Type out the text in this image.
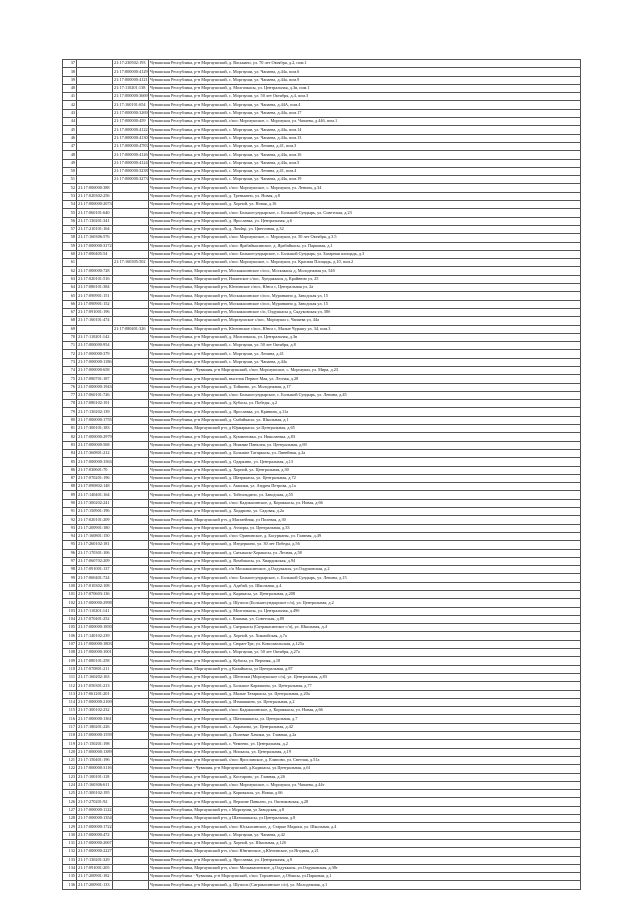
37		21:17:230502:193	Чувашская Республика, р-н Моргаушский, д. Васькино, ул. 70 лет Октября, д.2, пом.1
38		21:17:000000:4129	Чувашская Республика, р-н Моргаушский, с. Моргауши, ул. Чапаева, д.44а, пом.6
39		21:17:000000:4121	Чувашская Республика, р-н Моргаушский, с. Моргауши, ул. Чапаева, д.44а, пом.9
40		21:17:110201:138	Чувашская Республика, р-н Моргаушский, д. Молгачкасы, ул. Центральная, д.3в, пом.1
41		21:17:000000:3669	Чувашская Республика, р-н Моргаушский, с. Моргауши, ул. 50 лет Октября, д.4, пом.3
42		21:17:160101:654	Чувашская Республика, р-н Моргаушский, с. Моргауши, ул. Чапаева, д.44А, пом.4
43		21:17:000000:3269	Чувашская Республика, р-н Моргаушский, с. Моргауши, ул. Чапаева, д.44а, пом.17
44		21:17:000000:459	Чувашская Республика, р-н Моргаушский, с/пос Моргаушское, с. Моргауши, ул. Чапаева, д.44б, пом.1
45		21:17:000000:4122	Чувашская Республика, р-н Моргаушский, с. Моргауши, ул. Чапаева, д.44а, пом.14
46		21:17:000000:4130	Чувашская Республика, р-н Моргаушский, с. Моргауши, ул. Чапаева, д.44а, пом.13
47		21:17:000000:4783	Чувашская Республика, р-н Моргаушский, с. Моргауши, ул. Ленина, д.41, пом.3
48		21:17:000000:4126	Чувашская Республика, р-н Моргаушский, с. Моргауши, ул. Чапаева, д.44а, пом.16
49		21:17:000000:4124	Чувашская Республика, р-н Моргаушский, с. Моргауши, ул. Чапаева, д.44а, пом.5
50		21:17:000000:3238	Чувашская Республика, р-н Моргаушский, с. Моргауши, ул. Ленина, д.41, пом.4
51		21:17:000000:3273	Чувашская Республика, р-н Моргаушский, с. Моргауши, ул. Чапаева, д.44а, пом.19
52	21:17:000000:388		Чувашская Республика, р-н Моргаушский, с/пос Моргаушское, с. Моргауши, ул. Ленина, д.34
53	21:17:020302:256		Чувашская Республика, р-н Моргаушский, д. Тренькино, ул. Новая, д.8
54	21:17:000000:2073		Чувашская Республика, р-н Моргаушский, д. Хорной, ул. Новая, д.16
55	21:17:060101:640		Чувашская Республика, р-н Моргаушский, с/пос Большесундырское, с. Большой Сундырь, ул. Советская, д.23
56	21:17:130201:341		Чувашская Республика, р-н Моргаушский, д. Ярославка, ул. Центральная, д.6
57	21:17:210101:164		Чувашская Республика, р-н Моргаушский, д. Лındaşi, ул. Цветочная, д.32
58	21:17:160306:576		Чувашская Республика, р-н Моргаушский, с/пос Моргаушское, с. Моргауши, ул. 50 лет Октября, д.3.5
59	21:17:000000:3172		Чувашская Республика, р-н Моргаушский, с/пос Ярабайкасинское, д. Ярабайкасы, ул. Парковая, д.1
60	21:17:000405:54		Чувашская Республика, р-н Моргаушский, с/пос Большесундырское, с. Большой Сундырь, ул. Базарная площадь, д.3
61		21:17:160305:502	Чувашская Республика, р-н Моргаушский, с/пос Моргаушское, с. Моргауши, ул. Красная Площадь, д.10, пом.2
62	21:17:000000:728		Чувашская Республика, Моргаушский р-н, Москакасинское с/пос, Москакасы д, Молодежная ул, 54б
63	21:17:020101:516		Чувашская Республика, Моргаушский р-н, Ильинское с/пос, Хундаккасы д, Крайнюю ул, 25
64	21:17:080101:384		Чувашская Республика, Моргаушский р-н, Юнгинское с/пос, Юнга с, Центральная ул, 2а
65	21:17:090901:151		Чувашская Республика, Моргаушский р-н, Москакасинское с/пос, Муранкино д, Заводская ул, 15
66	21:17:090901:152		Чувашская Республика, Моргаушский р-н, Москакасинское с/пос, Муранкино д, Заводская ул, 15
67	21:17:091001:196		Чувашская Республика, Моргаушский р-н, Москакасинское с/п, Олдуккасы д, Сядуковская ул, 38б
68	21:17:160101:474		Чувашская Республика, Моргаушский р-н, Моргаушское с/пос, Моргауши с, Чапаева ул, 44а
69		21:17:080401:326	Чувашская Республика, Моргаушский р-н, Юнгинское с/пос, Юнга с, Малые Чурашу ул, 34, пом.3
70	21:17:110201:142		Чувашская Республика, р-н Моргаушский, д. Молгачкасы, ул. Центральная, д.3в
71	21:17:000000:954		Чувашская Республика, р-н Моргаушский, с. Моргауши, ул. 50 лет Октября, д.8
72	21:17:000000:379		Чувашская Республика, р-н Моргаушский, с. Моргауши, ул. Ленина, д.41
73	21:17:000000:1186		Чувашская Республика, р-н Моргаушский, с. Моргауши, ул. Чапаева, д.44а
74	21:17:000000:658		Чувашская Республика - Чувашия, р-н Моргаушский, с/пос Моргаушское, с. Моргауши, ул. Мира, д.23
75	21:17:080701:187		Чувашская Республика, р-н Моргаушский, выселок Первое Мая, ул. Лесная, д.28
76	21:17:000000:1943		Чувашская Республика, р-н Моргаушский, д. Тойшево, ул. Молодежная, д.17
77	21:17:060101:726		Чувашская Республика, р-н Моргаушский, с/пос Большесундырское, с. Большой Сундырь, ул. Ленина, д.45
78	21:17:080102:191		Чувашская Республика, р-н Моргаушский, д. Кубасы, ул. Победы, д.2
79	21:17:130202:139		Чувашская Республика, р-н Моргаушский, д. Ярославка, ул. Кривина, д.11а
80	21:17:000000:1755		Чувашская Республика, р-н Моргаушский, д. Сыбайкасы, ул. Школьная, д.1
81	21:17:300101:183		Чувашская Республика, Моргаушский р-н, д Юрмаркасы, ул Центральная, д.65
82	21:17:000000:2979		Чувашская Республика, р-н Моргаушский, д. Кумменовка, ул. Николаевка, д.83
83	21:17:000000:568		Чувашская Республика, р-н Моргаушский, д. Нижние Панклеи, ул. Центральная, д.69
84	21:17:360801:212		Чувашская Республика, р-н Моргаушский, д. Большие Татаркасы, ул. Линейная, д.2а
85	21:17:000000:1563		Чувашская Республика, р-н Моргаушский, д. Одаркино, ул. Центральная, д.13
86	21:17:030601:70		Чувашская Республика, р-н Моргаушский, д. Хорной, ул. Центральная, д.30
87	21:17:070201:196		Чувашская Республика, р-н Моргаушский, д. Шатракасы, ул. Центральная, д.72
88	21:17:090802:148		Чувашская Республика, р-н Моргаушский, с. Акшики, ул. Андрея Петрова, д.1а
89	21:17:140401:164		Чувашская Республика, р-н Моргаушский, с. Тойгильдино, ул. Заводская, д.55
90	21:17:300202:241		Чувашская Республика, р-н Моргаушский, с/пос Кадикасинское, д. Кориккасы, ул. Новая, д.66
91	21:17:150901:196		Чувашская Республика, р-н Моргаушский, д. Ходарино, ул. Садовая, д.2а
92	21:17:020101:209		Чувашская Республика, Моргаушский р-н, д Магазейная, ул Полевая, д.30
93	21:17:200901:180		Чувашская Республика, р-н Моргаушский, д. Аччоры, ул. Центральная, д.33
94	21:17:160801:150		Чувашская Республика, р-н Моргаушский, с/пос Орининское, д. Басурманы, ул. Главная, д.49
95	21:17:260102:181		Чувашская Республика, р-н Моргаушский, д. Изедеркино, ул. 30 лет Победы, д.56
96	21:17:170301:106		Чувашская Республика, р-н Моргаушский, д. Сятыкасы-Хоракасы, ул. Лесная, д.58
97	21:17:060702:209		Чувашская Республика, р-н Моргаушский, д. Вомбакасы, ул. Хвардикская, д.94
98	21:17:091001:137		Чувашская Республика, р-н Моргаушский, с/п Москакасинское, д.Олдуккасы, ул.Олдуковская, д.2
99	21:17:060401:724		Чувашская Республика, р-н Моргаушский, с/пос Большесундырское, с. Большой Сундырь, ул. Ленина, д.15
100	21:17:010302:108		Чувашская Республика, р-н Моргаушский, д. Адабай, ул. Школьная, д.4
101	21:17:070603:136		Чувашская Республика, р-н Моргаушский, д. Кадикасы, ул. Центральная, д.208
102	21:17:000000:2998		Чувашская Республика, р-н Моргаушский, д. Шупоси (Большесундырское с/п), ул. Центральная, д.2
103	21:17:110201:141		Чувашская Республика, р-н Моргаушский, д. Молгачкасы, ул. Центральная, д.49б
104	21:17:070401:252		Чувашская Республика, р-н Моргаушский, с. Кашаки, ул. Советская, д.89
105	21:17:000000:1850		Чувашская Республика, р-н Моргаушский, д. Сятракасы (Сятракасинское с/п), ул. Школьная, д.4
106	21:17:140102:239		Чувашская Республика, р-н Моргаушский, д. Хорной, ул. Хоямойская, д.7а
107	21:17:000000:1803		Чувашская Республика, р-н Моргаушский, д. Сюран-Тре, ул. Комсомольская, д.125а
108	21:17:000000:1001		Чувашская Республика, р-н Моргаушский, с. Моргауши, ул. 50 лет Октября, д.27а
109	21:17:080101:258		Чувашская Республика, р-н Моргаушский, д. Кубасы, ул. Верхняя, д.18
110	21:17:070801:211		Чувашская Республика, Моргаушский р-н, д Калайкасы, ул Центральная, д.87
111	21:17:160202:163		Чувашская Республика, р-н Моргаушский, д. Шептаки (Моргаушское с/п), ул. Центральная, д.83
112	21:17:050301:213		Чувашская Республика, р-н Моргаушский, д. Большое Карачкино, ул. Центральная, д.77
113	21:17:061201:201		Чувашская Республика, р-н Моргаушский, д. Малые Татаркасы, ул. Центральная, д.20а
114	21:17:000000:2169		Чувашская Республика, р-н Моргаушский, д. Итмашкино, ул. Центральная, д.2
115	21:17:300102:232		Чувашская Республика, р-н Моргаушский, с/пос Кадикасинское, д. Кориккасы, ул. Новая, д.66
116	21:17:000000:1361		Чувашская Республика, р-н Моргаушский, д. Шатмашкасы, ул. Центральная, д.7
117	21:17:180201:226		Чувашская Республика, р-н Моргаушский, с. Акрамово, ул. Центральная, д.42
118	21:17:000000:1559		Чувашская Республика, р-н Моргаушский, д. Полевые Хачики, ул. Главная, д.2а
119	21:17:150201:198		Чувашская Республика, р-н Моргаушский, с. Чемеево, ул. Центральная, д.2
120	21:17:000000:1389		Чувашская Республика, р-н Моргаушский, д. Нискасы, ул. Центральная, д.19
121	21:17:150401:196		Чувашская Республика, р-н Моргаушский, с/пос Ярославское, д. Елипово, ул. Светлая, д.51а
122	21:17:000000:3116		Чувашская Республика - Чувашия, р-н Моргаушский, д.Кадикасы, ул.Центральная, д.61
123	21:17:100101:118		Чувашская Республика, р-н Моргаушский, д. Костарово, ул. Главная, д.26
124	21:17:160306:611		Чувашская Республика, р-н Моргаушский, с/пос Моргаушское, с. Моргауши, ул. Чапаева, д.44т
125	21:17:300102:195		Чувашская Республика, р-н Моргаушский, д. Кориккасы, ул. Новая, д.66
126	21:17:270201:92		Чувашская Республика, р-н Моргаушский, д. Верхние Панклеи, ул. Оштиковская, д.28
127	21:17:000000:1122		Чувашская Республика, Моргаушский р-н, с Моргауши, ул Заводская, д.8
128	21:17:000000:1354		Чувашская Республика, Моргаушский р-н, д Шатмашкасы, ул Центральная, д.8
129	21:17:000000:1722		Чувашская Республика, р-н Моргаушский, с/пос Юськасинское, д. Старые Мадики, ул. Школьная, д.4
130	21:17:000000:472		Чувашская Республика, р-н Моргаушский, с. Моргауши, ул. Чапаева, д.42
131	21:17:000000:2067		Чувашская Республика, р-н Моргаушский, д. Хорной, ул. Школьная, д.12б
132	21:17:000000:2227		Чувашская Республика, Моргаушский р-н, с/пос Юнгинское, д.Юнгинское, ул.Ягодная, д.21
133	21:17:130201:329		Чувашская Республика, р-н Моргаушский, д. Ярославка, ул. Центральная, д.9
134	21:17:091001:205		Чувашская Республика, Моргаушский р-н, с/пос Москакасинское, д.Олдуккасы, ул.Олдуковская, д.38г
135	21:17:200901:182		Чувашская Республика - Чувашия, р-н Моргаушский, с/пос Торханское, д.Обаксы, ул.Парковая, д.1
136	21:17:200901:133		Чувашская Республика, р-н Моргаушский, д. Шупоси (Сятракасинское с/п), ул. Молодежная, д.1
